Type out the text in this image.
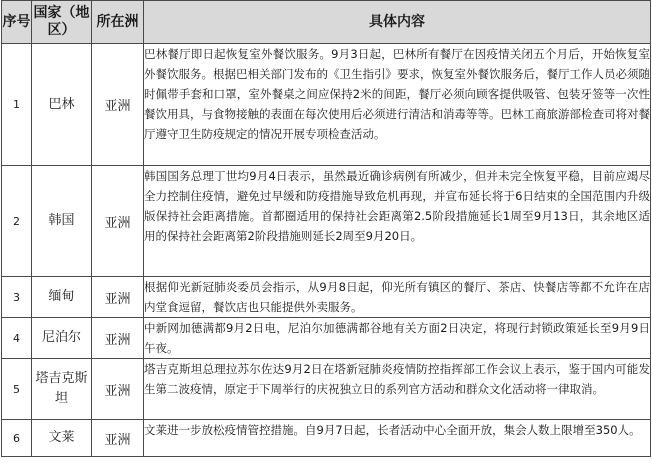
序号	国家（地区）	所在洲	具体内容
1	巴林	亚洲	巴林餐厅即日起恢复室外餐饮服务。9月3日起，巴林所有餐厅在因疫情关闭五个月后，开始恢复室外餐饮服务。根据巴相关部门发布的《卫生指引》要求，恢复室外餐饮服务后，餐厅工作人员必须随时佩带手套和口罩，室外餐桌之间应保持2米的间距，餐厅必须向顾客提供吸管、包装牙签等一次性餐饮用具，与食物接触的表面在每次使用后必须进行清洁和消毒等等。巴林工商旅游部检查司将对餐厅遵守卫生防疫规定的情况开展专项检查活动。
2	韩国	亚洲	韩国国务总理丁世均9月4日表示，虽然最近确诊病例有所减少，但并未完全恢复平稳，目前应竭尽全力控制住疫情，避免过早缓和防疫措施导致危机再现，并宣布延长将于6日结束的全国范围内升级版保持社会距离措施。首都圈适用的保持社会距离第2.5阶段措施延长1周至9月13日，其余地区适用的保持社会距离第2阶段措施则延长2周至9月20日。
3	缅甸	亚洲	根据仰光新冠肺炎委员会指示，从9月8日起，仰光所有镇区的餐厅、茶店、快餐店等都不允许在店内堂食逗留，餐饮店也只能提供外卖服务。
4	尼泊尔	亚洲	中新网加德满都9月2日电，尼泊尔加德满都谷地有关方面2日决定，将现行封锁政策延长至9月9日午夜。
5	塔吉克斯坦	亚洲	塔吉克斯坦总理拉苏尔佐达9月2日在塔新冠肺炎疫情防控指挥部工作会议上表示，鉴于国内可能发生第二波疫情，原定于下周举行的庆祝独立日的系列官方活动和群众文化活动将一律取消。
6	文莱	亚洲	文莱进一步放松疫情管控措施。自9月7日起，长者活动中心全面开放，集会人数上限增至350人。
